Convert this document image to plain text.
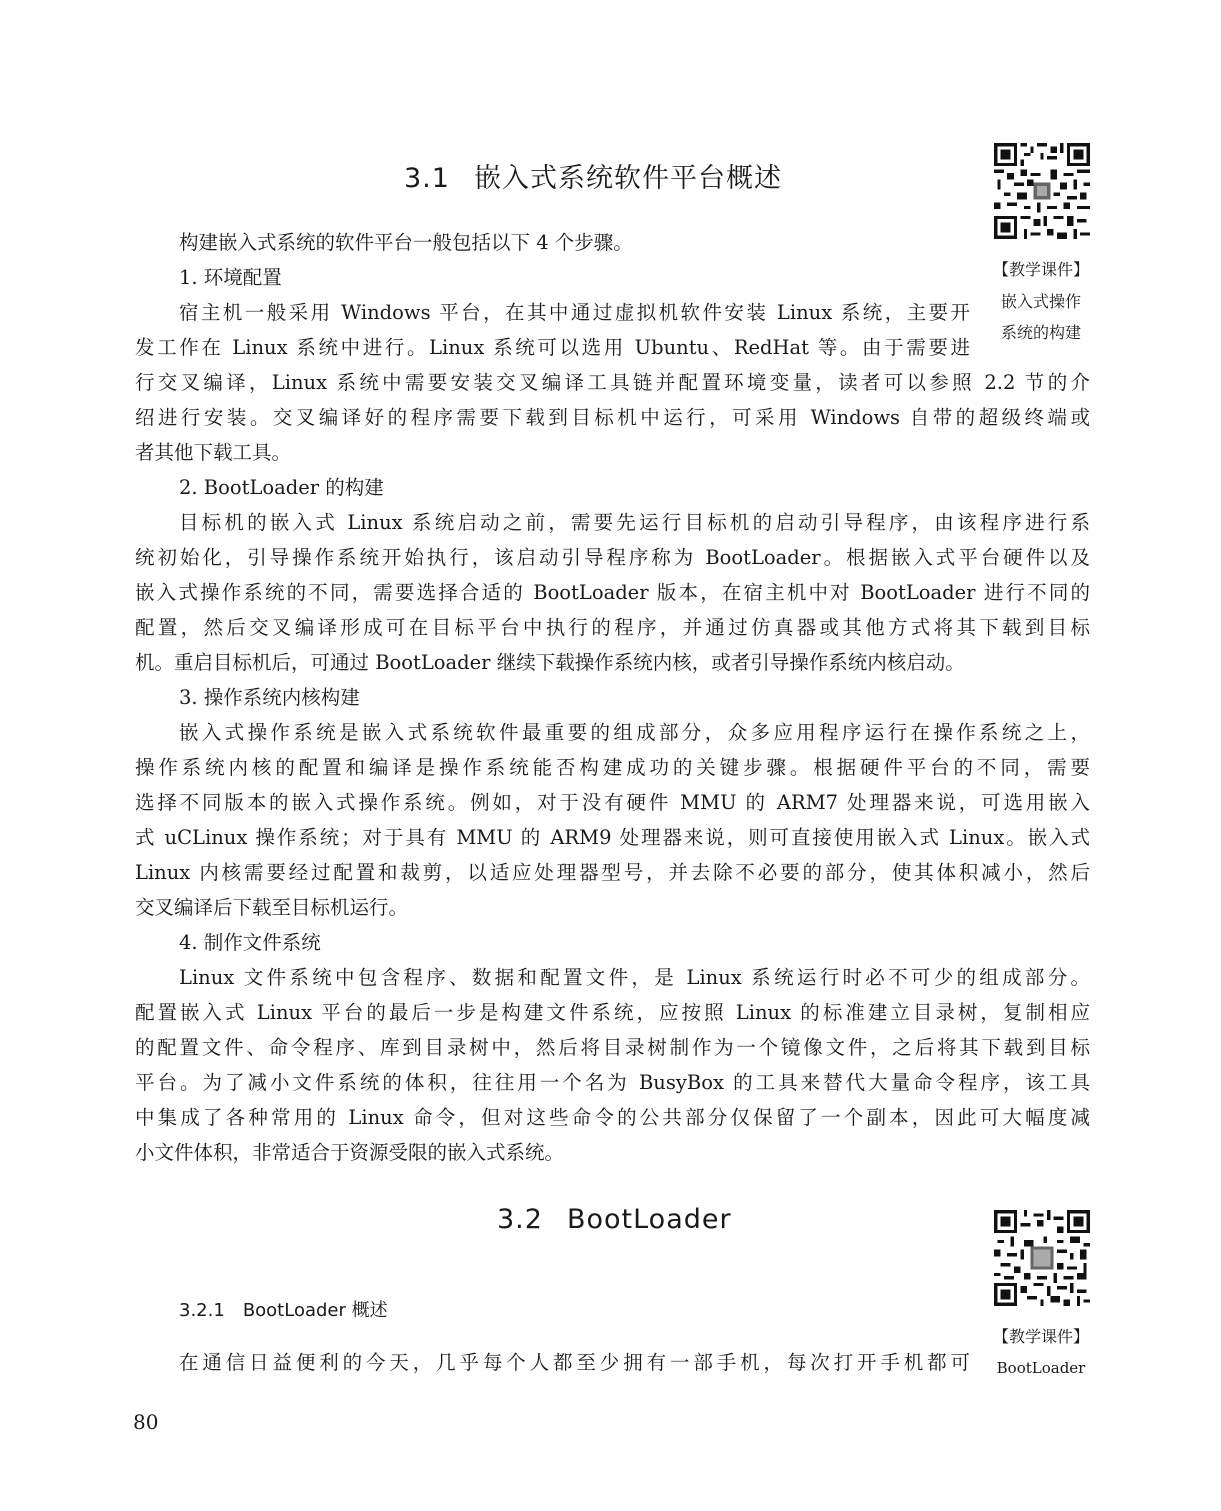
3.1 嵌入式系统软件平台概述
【教学课件】
嵌入式操作
系统的构建
构建嵌入式系统的软件平台一般包括以下 4 个步骤。
1. 环境配置
宿主机一般采用 Windows 平台，在其中通过虚拟机软件安装 Linux 系统，主要开
发工作在 Linux 系统中进行。Linux 系统可以选用 Ubuntu、RedHat 等。由于需要进
行交叉编译，Linux 系统中需要安装交叉编译工具链并配置环境变量，读者可以参照 2.2 节的介
绍进行安装。交叉编译好的程序需要下载到目标机中运行，可采用 Windows 自带的超级终端或
者其他下载工具。
2. BootLoader 的构建
目标机的嵌入式 Linux 系统启动之前，需要先运行目标机的启动引导程序，由该程序进行系
统初始化，引导操作系统开始执行，该启动引导程序称为 BootLoader。根据嵌入式平台硬件以及
嵌入式操作系统的不同，需要选择合适的 BootLoader 版本，在宿主机中对 BootLoader 进行不同的
配置，然后交叉编译形成可在目标平台中执行的程序，并通过仿真器或其他方式将其下载到目标
机。重启目标机后，可通过 BootLoader 继续下载操作系统内核，或者引导操作系统内核启动。
3. 操作系统内核构建
嵌入式操作系统是嵌入式系统软件最重要的组成部分，众多应用程序运行在操作系统之上，
操作系统内核的配置和编译是操作系统能否构建成功的关键步骤。根据硬件平台的不同，需要
选择不同版本的嵌入式操作系统。例如，对于没有硬件 MMU 的 ARM7 处理器来说，可选用嵌入
式 uCLinux 操作系统；对于具有 MMU 的 ARM9 处理器来说，则可直接使用嵌入式 Linux。嵌入式
Linux 内核需要经过配置和裁剪，以适应处理器型号，并去除不必要的部分，使其体积减小，然后
交叉编译后下载至目标机运行。
4. 制作文件系统
Linux 文件系统中包含程序、数据和配置文件，是 Linux 系统运行时必不可少的组成部分。
配置嵌入式 Linux 平台的最后一步是构建文件系统，应按照 Linux 的标准建立目录树，复制相应
的配置文件、命令程序、库到目录树中，然后将目录树制作为一个镜像文件，之后将其下载到目标
平台。为了减小文件系统的体积，往往用一个名为 BusyBox 的工具来替代大量命令程序，该工具
中集成了各种常用的 Linux 命令，但对这些命令的公共部分仅保留了一个副本，因此可大幅度减
小文件体积，非常适合于资源受限的嵌入式系统。
3.2 BootLoader
【教学课件】
BootLoader
3.2.1 BootLoader 概述
在通信日益便利的今天，几乎每个人都至少拥有一部手机，每次打开手机都可
80
